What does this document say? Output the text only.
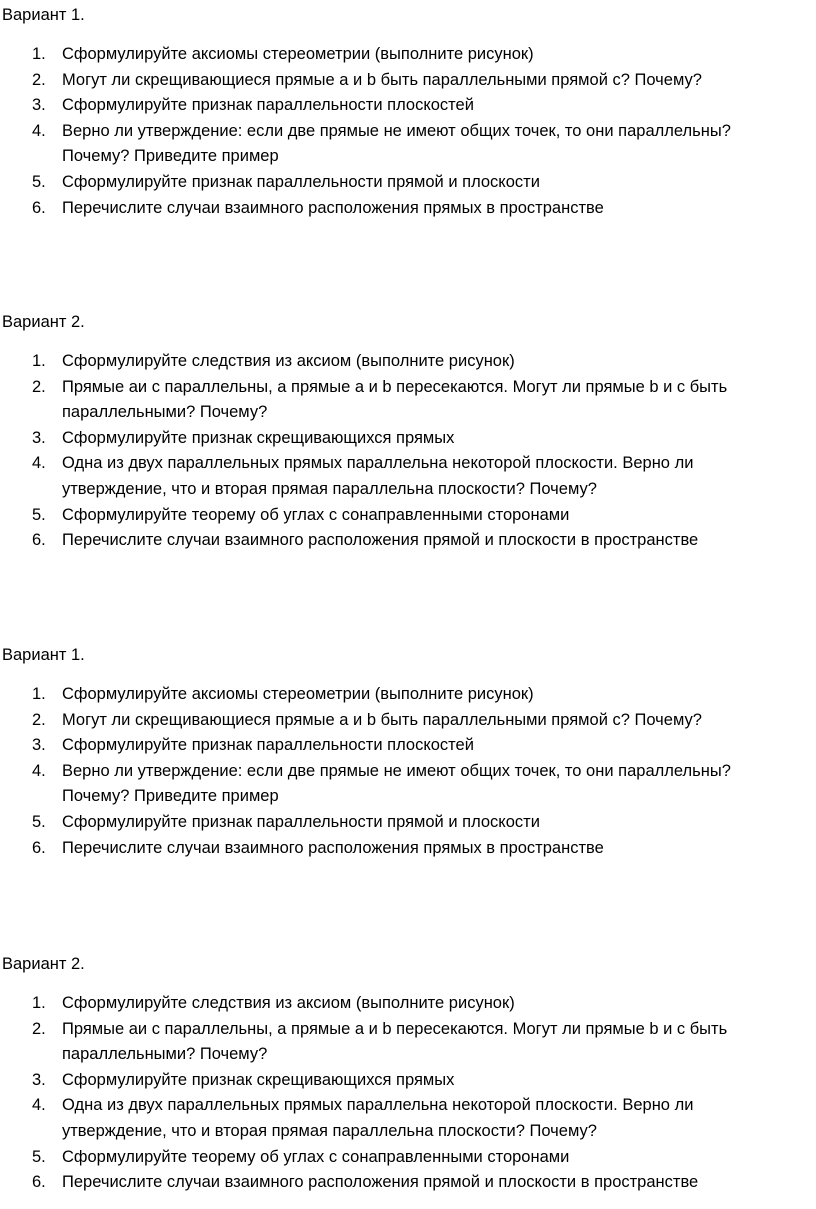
Вариант 1.
1. Сформулируйте аксиомы стереометрии (выполните рисунок)
2. Могут ли скрещивающиеся прямые a и b быть параллельными прямой c? Почему?
3. Сформулируйте признак параллельности плоскостей
4. Верно ли утверждение: если две прямые не имеют общих точек, то они параллельны? Почему? Приведите пример
5. Сформулируйте признак параллельности прямой и плоскости
6. Перечислите случаи взаимного расположения прямых в пространстве
Вариант 2.
1. Сформулируйте следствия из аксиом (выполните рисунок)
2. Прямые аи с параллельны, а прямые а и b пересекаются. Могут ли прямые b и с быть параллельными? Почему?
3. Сформулируйте признак скрещивающихся прямых
4. Одна из двух параллельных прямых параллельна некоторой плоскости. Верно ли утверждение, что и вторая прямая параллельна плоскости? Почему?
5. Сформулируйте теорему об углах с сонаправленными сторонами
6. Перечислите случаи взаимного расположения прямой и плоскости в пространстве
Вариант 1.
1. Сформулируйте аксиомы стереометрии (выполните рисунок)
2. Могут ли скрещивающиеся прямые a и b быть параллельными прямой c? Почему?
3. Сформулируйте признак параллельности плоскостей
4. Верно ли утверждение: если две прямые не имеют общих точек, то они параллельны? Почему? Приведите пример
5. Сформулируйте признак параллельности прямой и плоскости
6. Перечислите случаи взаимного расположения прямых в пространстве
Вариант 2.
1. Сформулируйте следствия из аксиом (выполните рисунок)
2. Прямые аи с параллельны, а прямые а и b пересекаются. Могут ли прямые b и с быть параллельными? Почему?
3. Сформулируйте признак скрещивающихся прямых
4. Одна из двух параллельных прямых параллельна некоторой плоскости. Верно ли утверждение, что и вторая прямая параллельна плоскости? Почему?
5. Сформулируйте теорему об углах с сонаправленными сторонами
6. Перечислите случаи взаимного расположения прямой и плоскости в пространстве
